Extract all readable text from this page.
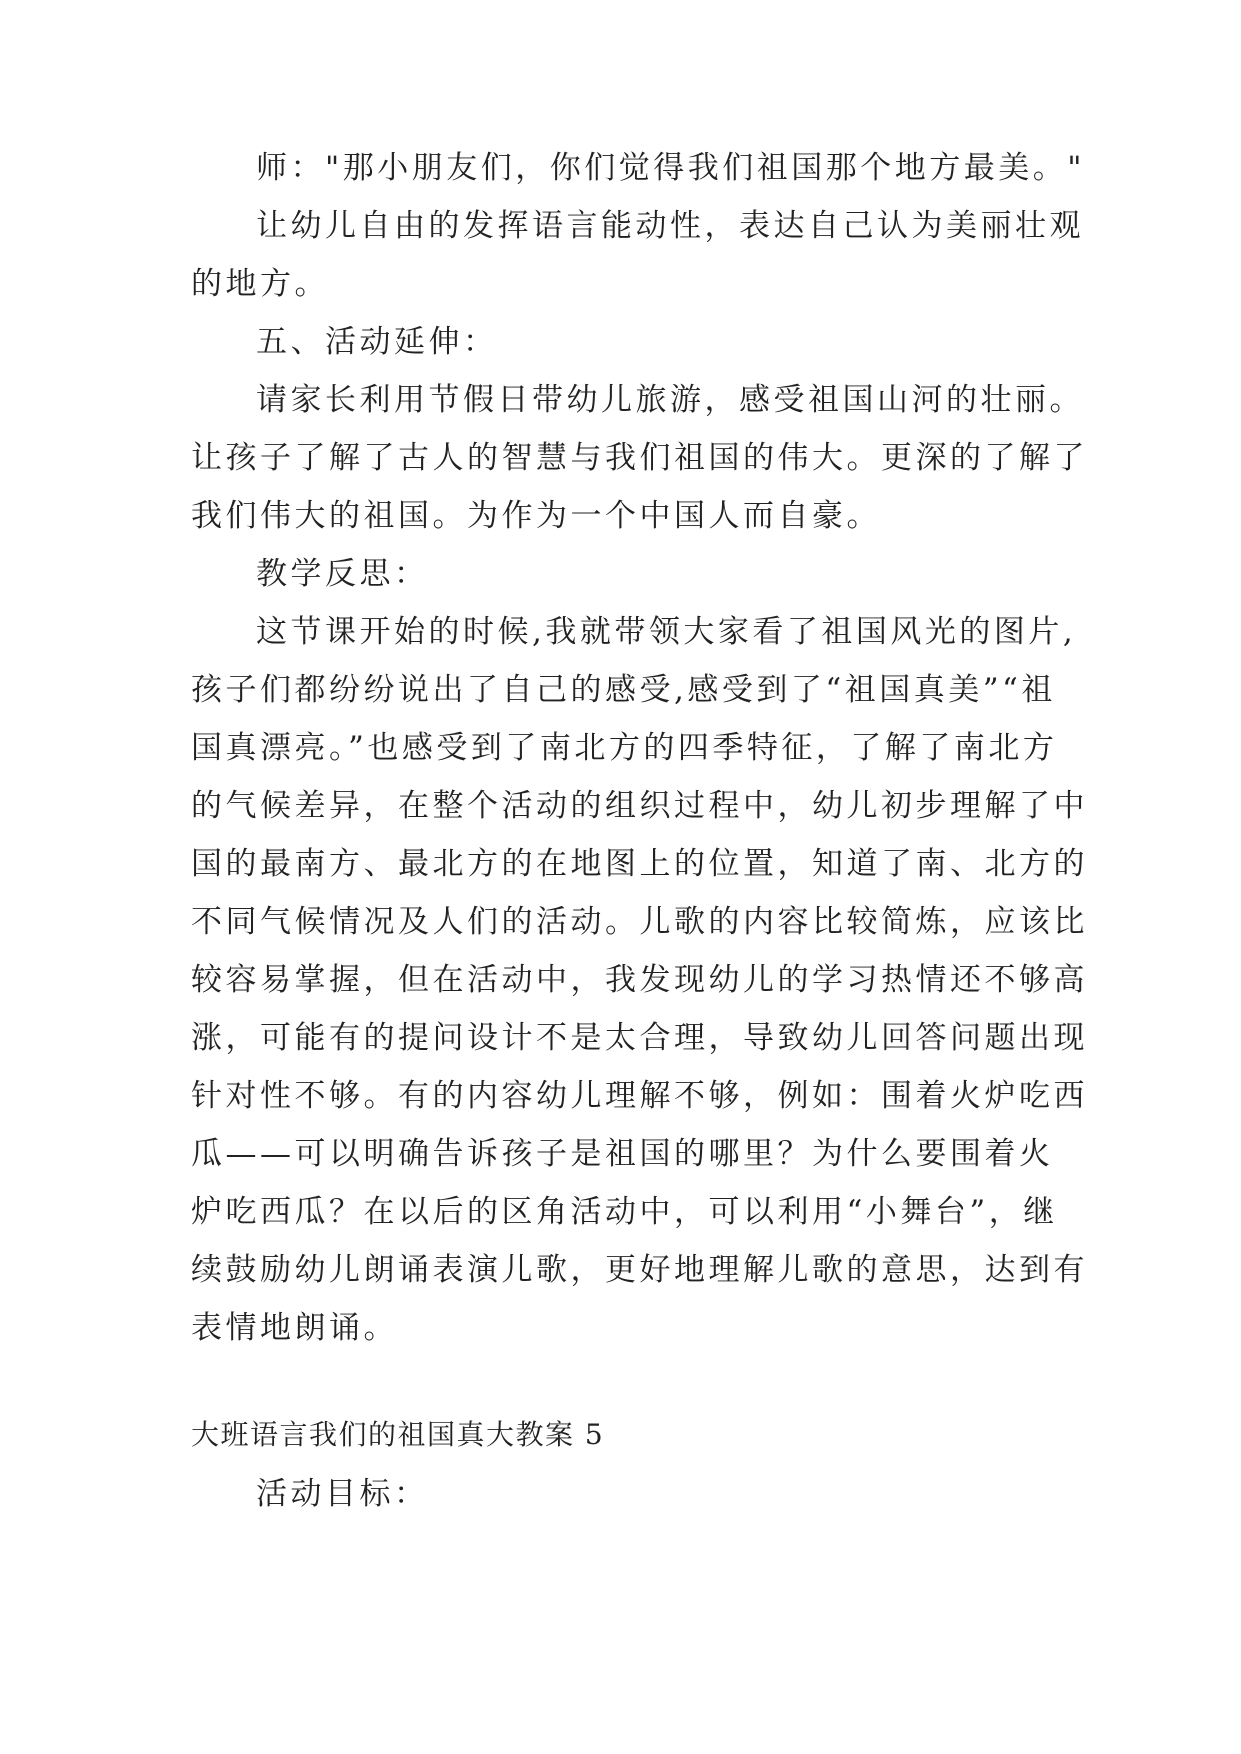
师："那小朋友们，你们觉得我们祖国那个地方最美。"
让幼儿自由的发挥语言能动性，表达自己认为美丽壮观
的地方。
五、活动延伸：
请家长利用节假日带幼儿旅游，感受祖国山河的壮丽。
让孩子了解了古人的智慧与我们祖国的伟大。更深的了解了
我们伟大的祖国。为作为一个中国人而自豪。
教学反思：
这节课开始的时候,我就带领大家看了祖国风光的图片,
孩子们都纷纷说出了自己的感受,感受到了“祖国真美”“祖
国真漂亮。”也感受到了南北方的四季特征，了解了南北方
的气候差异，在整个活动的组织过程中，幼儿初步理解了中
国的最南方、最北方的在地图上的位置，知道了南、北方的
不同气候情况及人们的活动。儿歌的内容比较简炼，应该比
较容易掌握，但在活动中，我发现幼儿的学习热情还不够高
涨，可能有的提问设计不是太合理，导致幼儿回答问题出现
针对性不够。有的内容幼儿理解不够，例如：围着火炉吃西
瓜——可以明确告诉孩子是祖国的哪里？为什么要围着火
炉吃西瓜？在以后的区角活动中，可以利用“小舞台”，继
续鼓励幼儿朗诵表演儿歌，更好地理解儿歌的意思，达到有
表情地朗诵。
大班语言我们的祖国真大教案 5
活动目标：
